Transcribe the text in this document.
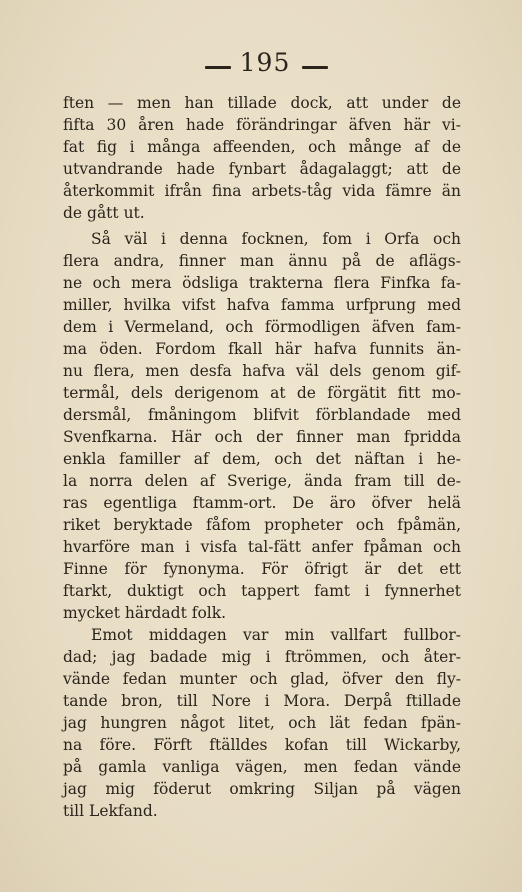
195
ften — men han tillade dock, att under de
fifta 30 åren hade förändringar äfven här vi-
fat fig i många affeenden, och månge af de
utvandrande hade fynbart ådagalaggt; att de
återkommit ifrån fina arbets-tåg vida fämre än
de gått ut.
Så väl i denna focknen, fom i Orfa och
flera andra, finner man ännu på de aflägs-
ne och mera ödsliga trakterna flera Finfka fa-
miller, hvilka vifst hafva famma urfprung med
dem i Vermeland, och förmodligen äfven fam-
ma öden. Fordom fkall här hafva funnits än-
nu flera, men desfa hafva väl dels genom gif-
termål, dels derigenom at de förgätit fitt mo-
dersmål, fmåningom blifvit förblandade med
Svenfkarna. Här och der finner man fpridda
enkla familler af dem, och det näftan i he-
la norra delen af Sverige, ända fram till de-
ras egentliga ftamm-ort. De äro öfver helä
riket beryktade fåfom propheter och fpåmän,
hvarföre man i visfa tal-fätt anfer fpåman och
Finne för fynonyma. För öfrigt är det ett
ftarkt, duktigt och tappert famt i fynnerhet
mycket härdadt folk.
Emot middagen var min vallfart fullbor-
dad; jag badade mig i ftrömmen, och åter-
vände fedan munter och glad, öfver den fly-
tande bron, till Nore i Mora. Derpå ftillade
jag hungren något litet, och lät fedan fpän-
na före. Förft ftälldes kofan till Wickarby,
på gamla vanliga vägen, men fedan vände
jag mig föderut omkring Siljan på vägen
till Lekfand.
